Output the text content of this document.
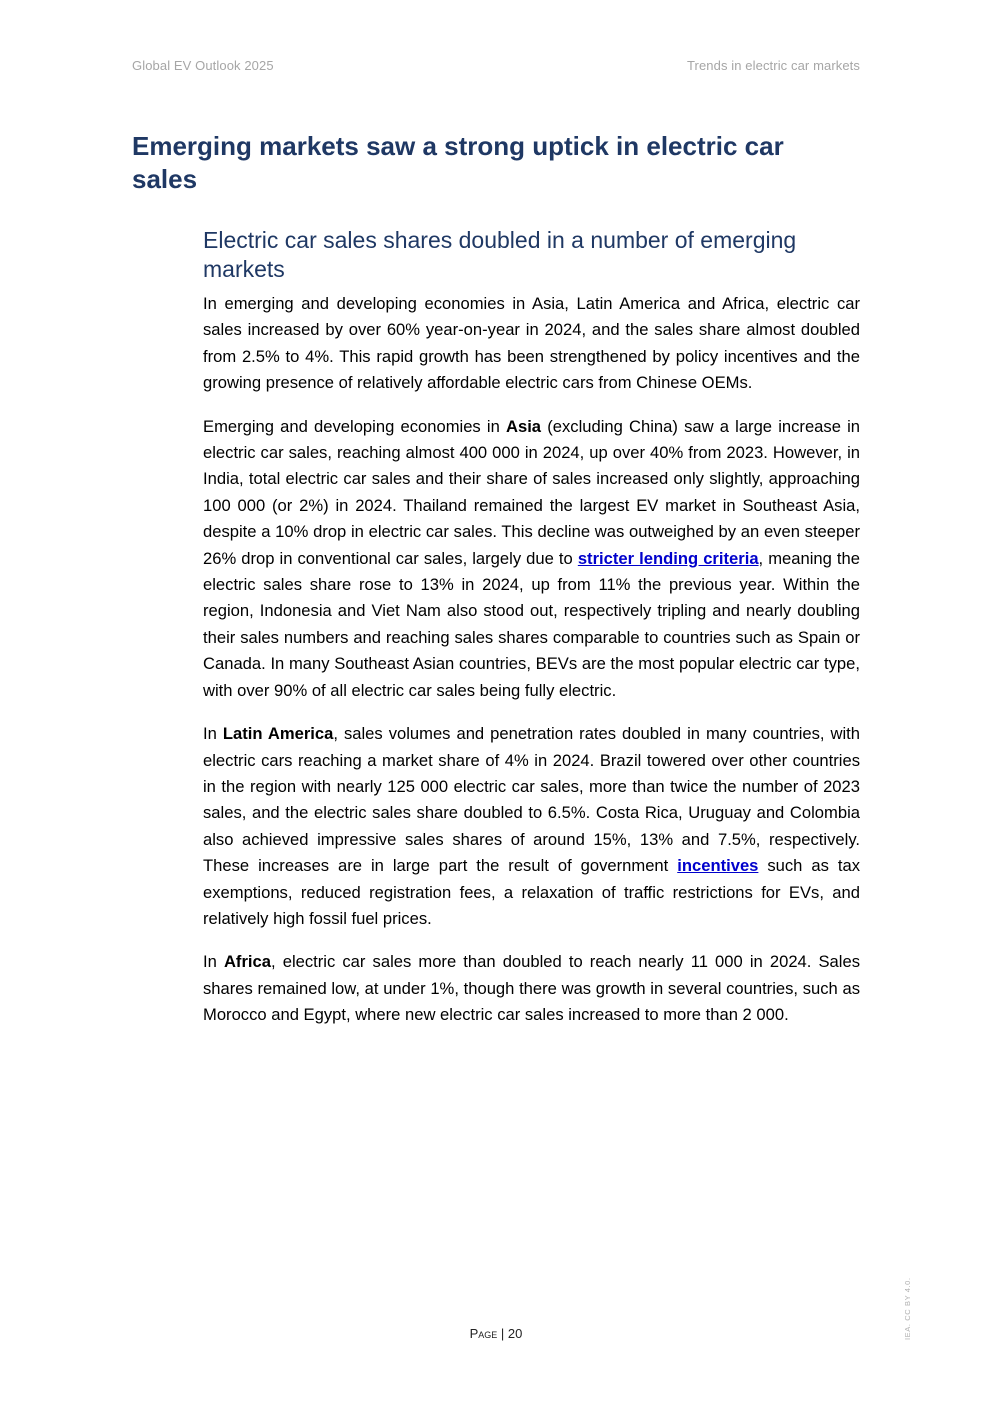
Global EV Outlook 2025	Trends in electric car markets
Emerging markets saw a strong uptick in electric car sales
Electric car sales shares doubled in a number of emerging markets

In emerging and developing economies in Asia, Latin America and Africa, electric car sales increased by over 60% year-on-year in 2024, and the sales share almost doubled from 2.5% to 4%. This rapid growth has been strengthened by policy incentives and the growing presence of relatively affordable electric cars from Chinese OEMs.

Emerging and developing economies in Asia (excluding China) saw a large increase in electric car sales, reaching almost 400 000 in 2024, up over 40% from 2023. However, in India, total electric car sales and their share of sales increased only slightly, approaching 100 000 (or 2%) in 2024. Thailand remained the largest EV market in Southeast Asia, despite a 10% drop in electric car sales. This decline was outweighed by an even steeper 26% drop in conventional car sales, largely due to stricter lending criteria, meaning the electric sales share rose to 13% in 2024, up from 11% the previous year. Within the region, Indonesia and Viet Nam also stood out, respectively tripling and nearly doubling their sales numbers and reaching sales shares comparable to countries such as Spain or Canada. In many Southeast Asian countries, BEVs are the most popular electric car type, with over 90% of all electric car sales being fully electric.

In Latin America, sales volumes and penetration rates doubled in many countries, with electric cars reaching a market share of 4% in 2024. Brazil towered over other countries in the region with nearly 125 000 electric car sales, more than twice the number of 2023 sales, and the electric sales share doubled to 6.5%. Costa Rica, Uruguay and Colombia also achieved impressive sales shares of around 15%, 13% and 7.5%, respectively. These increases are in large part the result of government incentives such as tax exemptions, reduced registration fees, a relaxation of traffic restrictions for EVs, and relatively high fossil fuel prices.

In Africa, electric car sales more than doubled to reach nearly 11 000 in 2024. Sales shares remained low, at under 1%, though there was growth in several countries, such as Morocco and Egypt, where new electric car sales increased to more than 2 000.

Page | 20	IEA. CC BY 4.0.
